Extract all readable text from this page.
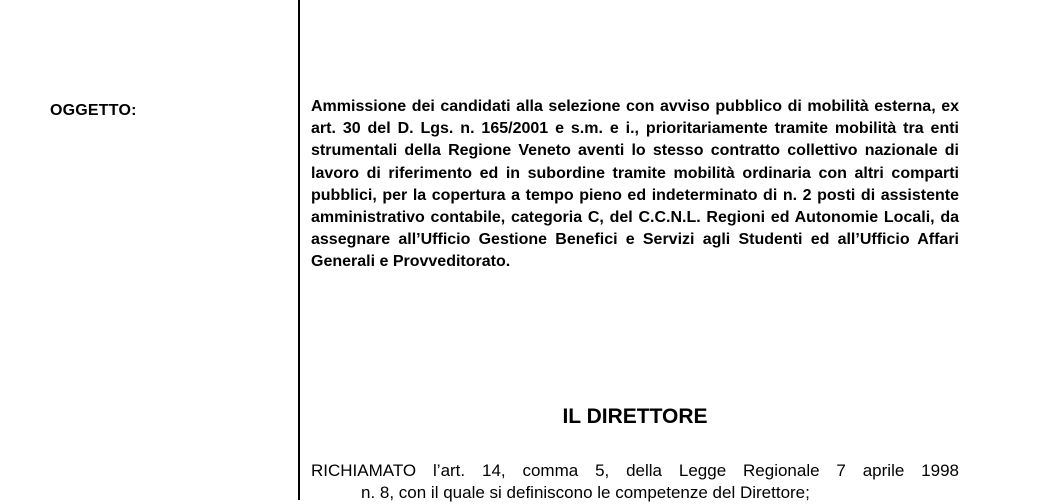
OGGETTO:	Ammissione dei candidati alla selezione con avviso pubblico di mobilità esterna, ex art. 30 del D. Lgs. n. 165/2001 e s.m. e i., prioritariamente tramite mobilità tra enti strumentali della Regione Veneto aventi lo stesso contratto collettivo nazionale di lavoro di riferimento ed in subordine tramite mobilità ordinaria con altri comparti pubblici, per la copertura a tempo pieno ed indeterminato di n. 2 posti di assistente amministrativo contabile, categoria C, del C.C.N.L. Regioni ed Autonomie Locali, da assegnare all’Ufficio Gestione Benefici e Servizi agli Studenti ed all’Ufficio Affari Generali e Provveditorato.

IL DIRETTORE

RICHIAMATO l’art. 14, comma 5, della Legge Regionale 7 aprile 1998
n. 8, con il quale si definiscono le competenze del Direttore;
